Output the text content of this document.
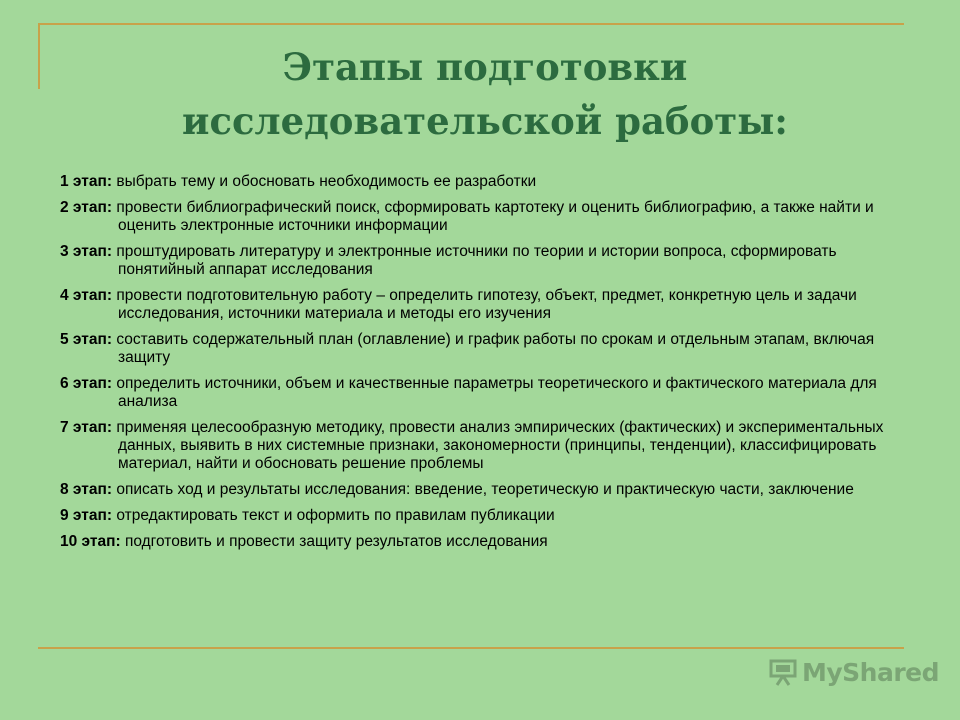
Этапы подготовки
исследовательской работы:
1 этап: выбрать тему и обосновать необходимость ее разработки
2 этап: провести библиографический поиск, сформировать картотеку и оценить библиографию, а также найти и оценить электронные источники информации
3 этап: проштудировать литературу и электронные источники по теории и истории вопроса, сформировать понятийный аппарат исследования
4 этап: провести подготовительную работу – определить гипотезу, объект, предмет, конкретную цель и задачи исследования, источники материала и методы его изучения
5 этап: составить содержательный план (оглавление) и график работы по срокам и отдельным этапам, включая защиту
6 этап: определить источники, объем и качественные параметры теоретического и фактического материала для анализа
7 этап: применяя целесообразную методику, провести анализ эмпирических (фактических) и экспериментальных данных, выявить в них системные признаки, закономерности (принципы, тенденции), классифицировать материал, найти и обосновать решение проблемы
8 этап: описать ход и результаты исследования: введение, теоретическую и практическую части, заключение
9 этап: отредактировать текст и оформить по правилам публикации
10 этап: подготовить и провести защиту результатов исследования
MyShared
